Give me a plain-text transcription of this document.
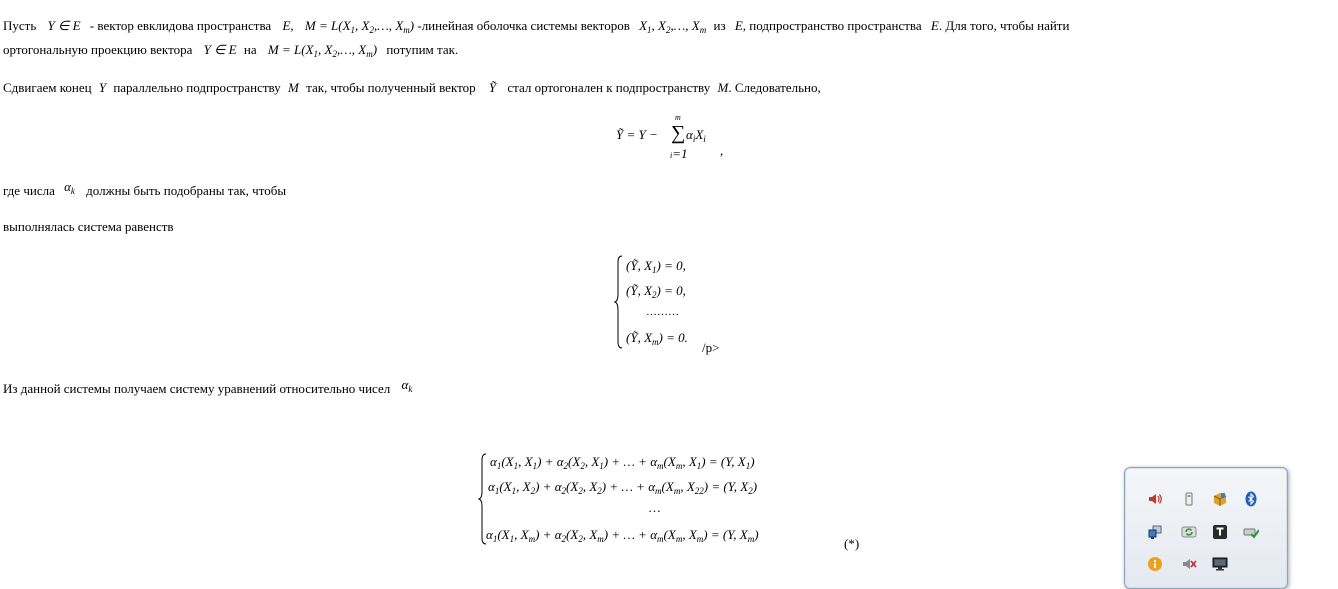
Пусть Y ∈ E - вектор евклидова пространства E, $M = L(X_1$, $X_2,\dots$, $X_m$) -линейная оболочка системы векторов $X_1$, $X_2,\dots$, $X_m$ из E, подпространство пространства E. Для того, чтобы найти
ортогональную проекцию вектора Y ∈ E на $M = L(X_1$, $X_2,\dots$, $X_m$) потупим так.
Сдвигаем конец Y параллельно подпространству M так, чтобы полученный вектор Ỹ стал ортогонален к подпространству M. Следовательно,
Ỹ = Y − ∑
m
i=1
$\alpha_iX_i$
,
где числа $\alpha_k$ должны быть подобраны так, чтобы
выполнялась система равенств
(Ỹ, $X_1) = 0$,
(Ỹ, $X_2) = 0$,
………
(Ỹ, $X_m) = 0$.
/p>
Из данной системы получаем систему уравнений относительно чисел $\alpha_k$
$\alpha_1(X_1$, $X_1) + \alpha_2(X_2$, $X_1$) + … + $\alpha_m(X_m$, $X_1) = (Y$, $X_1$)
$\alpha_1(X_1$, $X_2) + \alpha_2(X_2$, $X_2$) + … + $\alpha_m(X_m$, $X_{22}) = (Y$, $X_2$)
…
$\alpha_1(X_1$, $X_m) + \alpha_2(X_2$, $X_m$) + … + $\alpha_m(X_m$, $X_m) = (Y$, $X_m$)
(*)
